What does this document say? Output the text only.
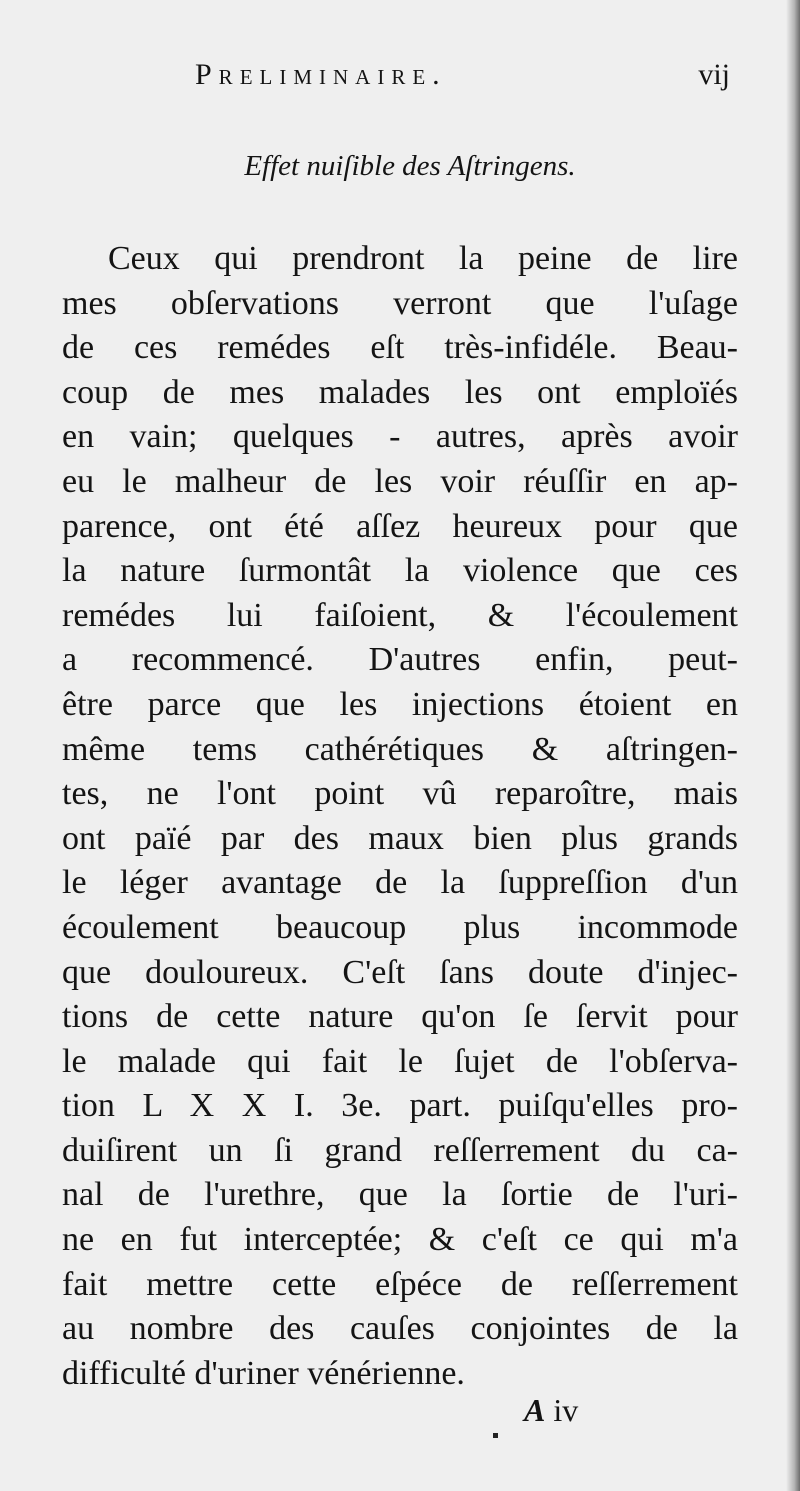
Preliminaire.	vij
Effet nuiſible des Aſtringens.
Ceux qui prendront la peine de lire
mes obſervations verront que l'uſage
de ces remédes eſt très-infidéle. Beau-
coup de mes malades les ont emploïés
en vain; quelques - autres, après avoir
eu le malheur de les voir réuſſir en ap-
parence, ont été aſſez heureux pour que
la nature ſurmontât la violence que ces
remédes lui faiſoient, & l'écoulement
a recommencé. D'autres enfin, peut-
être parce que les injections étoient en
même tems cathérétiques & aſtringen-
tes, ne l'ont point vû reparoître, mais
ont païé par des maux bien plus grands
le léger avantage de la ſuppreſſion d'un
écoulement beaucoup plus incommode
que douloureux. C'eſt ſans doute d'injec-
tions de cette nature qu'on ſe ſervit pour
le malade qui fait le ſujet de l'obſerva-
tion L X X I. 3e. part. puiſqu'elles pro-
duiſirent un ſi grand reſſerrement du ca-
nal de l'urethre, que la ſortie de l'uri-
ne en fut interceptée; & c'eſt ce qui m'a
fait mettre cette eſpéce de reſſerrement
au nombre des cauſes conjointes de la
difficulté d'uriner vénérienne.
A iv
